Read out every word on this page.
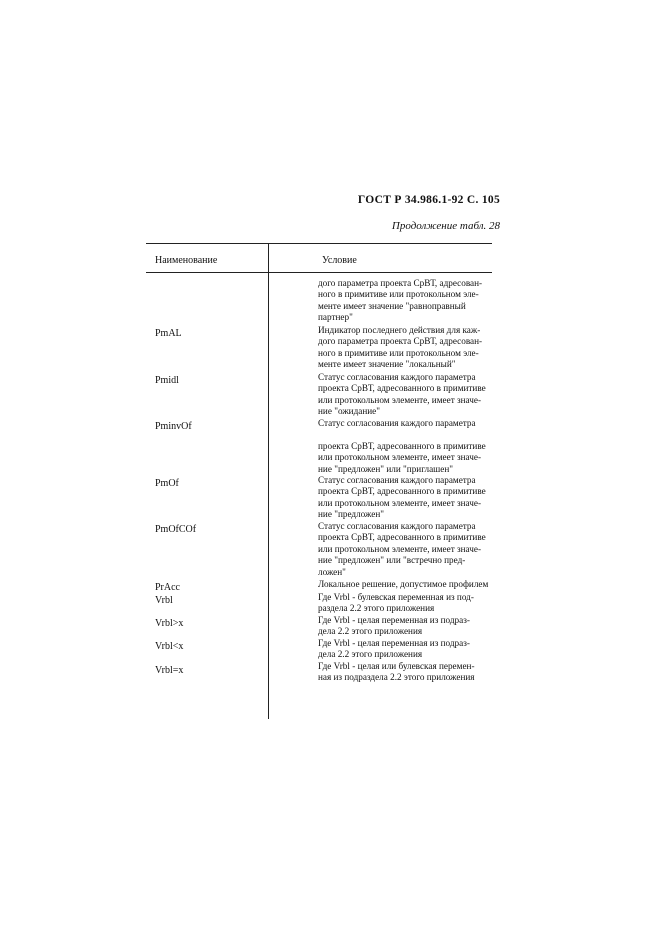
ГОСТ Р 34.986.1-92 С. 105
Продолжение табл. 28
Наименование	Условие
дого параметра проекта СрВТ, адресован-
ного в примитиве или протокольном эле-
менте имеет значение "равноправный
партнер"
PmAL	Индикатор последнего действия для каж-
дого параметра проекта СрВТ, адресован-
ного в примитиве или протокольном эле-
менте имеет значение "локальный"
Pmidl	Статус согласования каждого параметра
проекта СрВТ, адресованного в примитиве
или протокольном элементе, имеет значе-
ние "ожидание"
PminvOf	Статус согласования каждого параметра
проекта СрВТ, адресованного в примитиве
или протокольном элементе, имеет значе-
ние "предложен" или "приглашен"
PmOf	Статус согласования каждого параметра
проекта СрВТ, адресованного в примитиве
или протокольном элементе, имеет значе-
ние "предложен"
PmOfCOf	Статус согласования каждого параметра
проекта СрВТ, адресованного в примитиве
или протокольном элементе, имеет значе-
ние "предложен" или "встречно пред-
ложен"
PrAcc	Локальное решение, допустимое профилем
Vrbl	Где Vrbl - булевская переменная из под-
раздела 2.2 этого приложения
Vrbl>x	Где Vrbl - целая переменная из подраз-
дела 2.2 этого приложения
Vrbl<x	Где Vrbl - целая переменная из подраз-
дела 2.2 этого приложения
Vrbl=x	Где Vrbl - целая или булевская перемен-
ная из подраздела 2.2 этого приложения
